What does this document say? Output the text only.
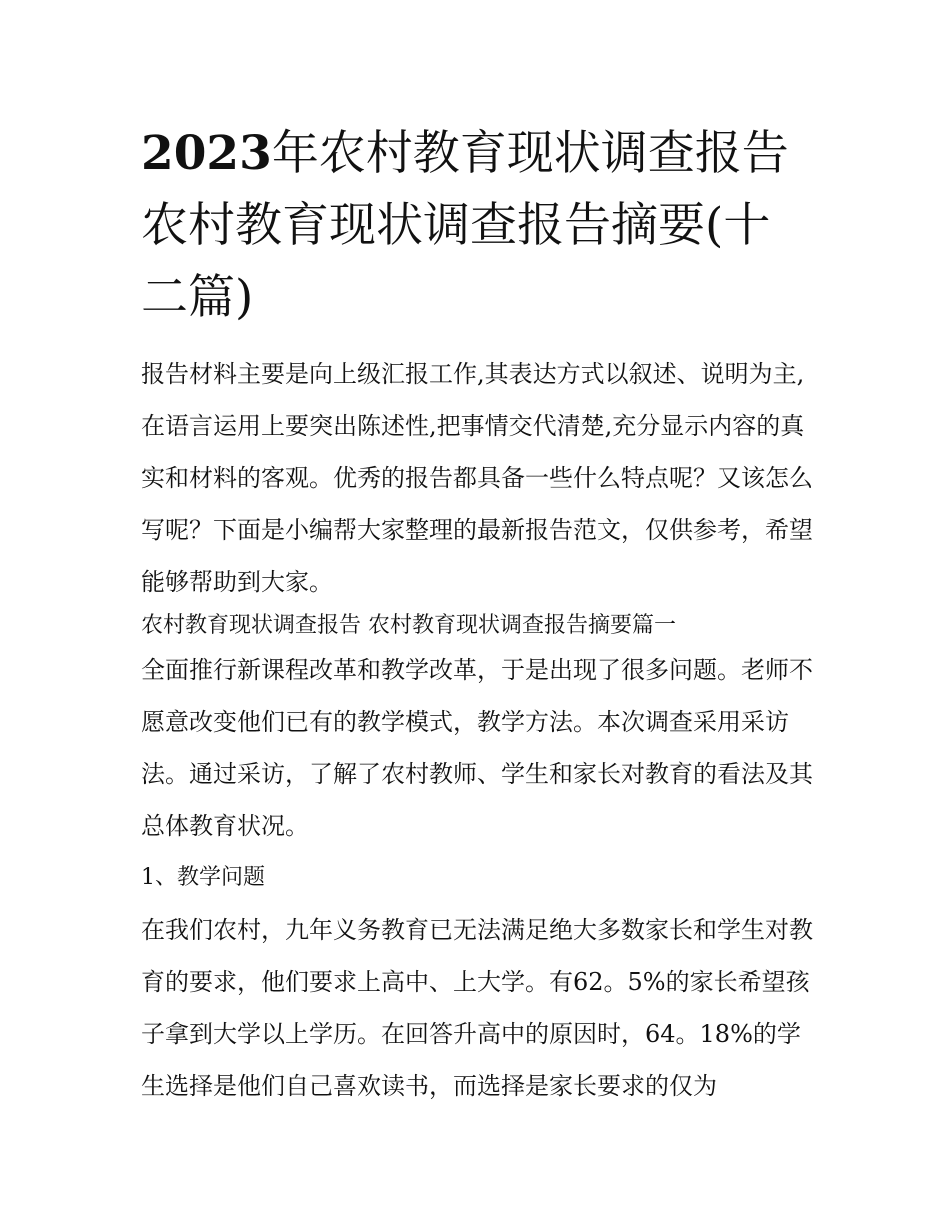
2023年农村教育现状调查报告农村教育现状调查报告摘要(十二篇)

报告材料主要是向上级汇报工作,其表达方式以叙述、说明为主,在语言运用上要突出陈述性,把事情交代清楚,充分显示内容的真实和材料的客观。优秀的报告都具备一些什么特点呢？又该怎么写呢？下面是小编帮大家整理的最新报告范文，仅供参考，希望能够帮助到大家。

农村教育现状调查报告 农村教育现状调查报告摘要篇一

全面推行新课程改革和教学改革，于是出现了很多问题。老师不愿意改变他们已有的教学模式，教学方法。本次调查采用采访法。通过采访，了解了农村教师、学生和家长对教育的看法及其总体教育状况。

1、教学问题

在我们农村，九年义务教育已无法满足绝大多数家长和学生对教育的要求，他们要求上高中、上大学。有62。5%的家长希望孩子拿到大学以上学历。在回答升高中的原因时，64。18%的学生选择是他们自己喜欢读书，而选择是家长要求的仅为
